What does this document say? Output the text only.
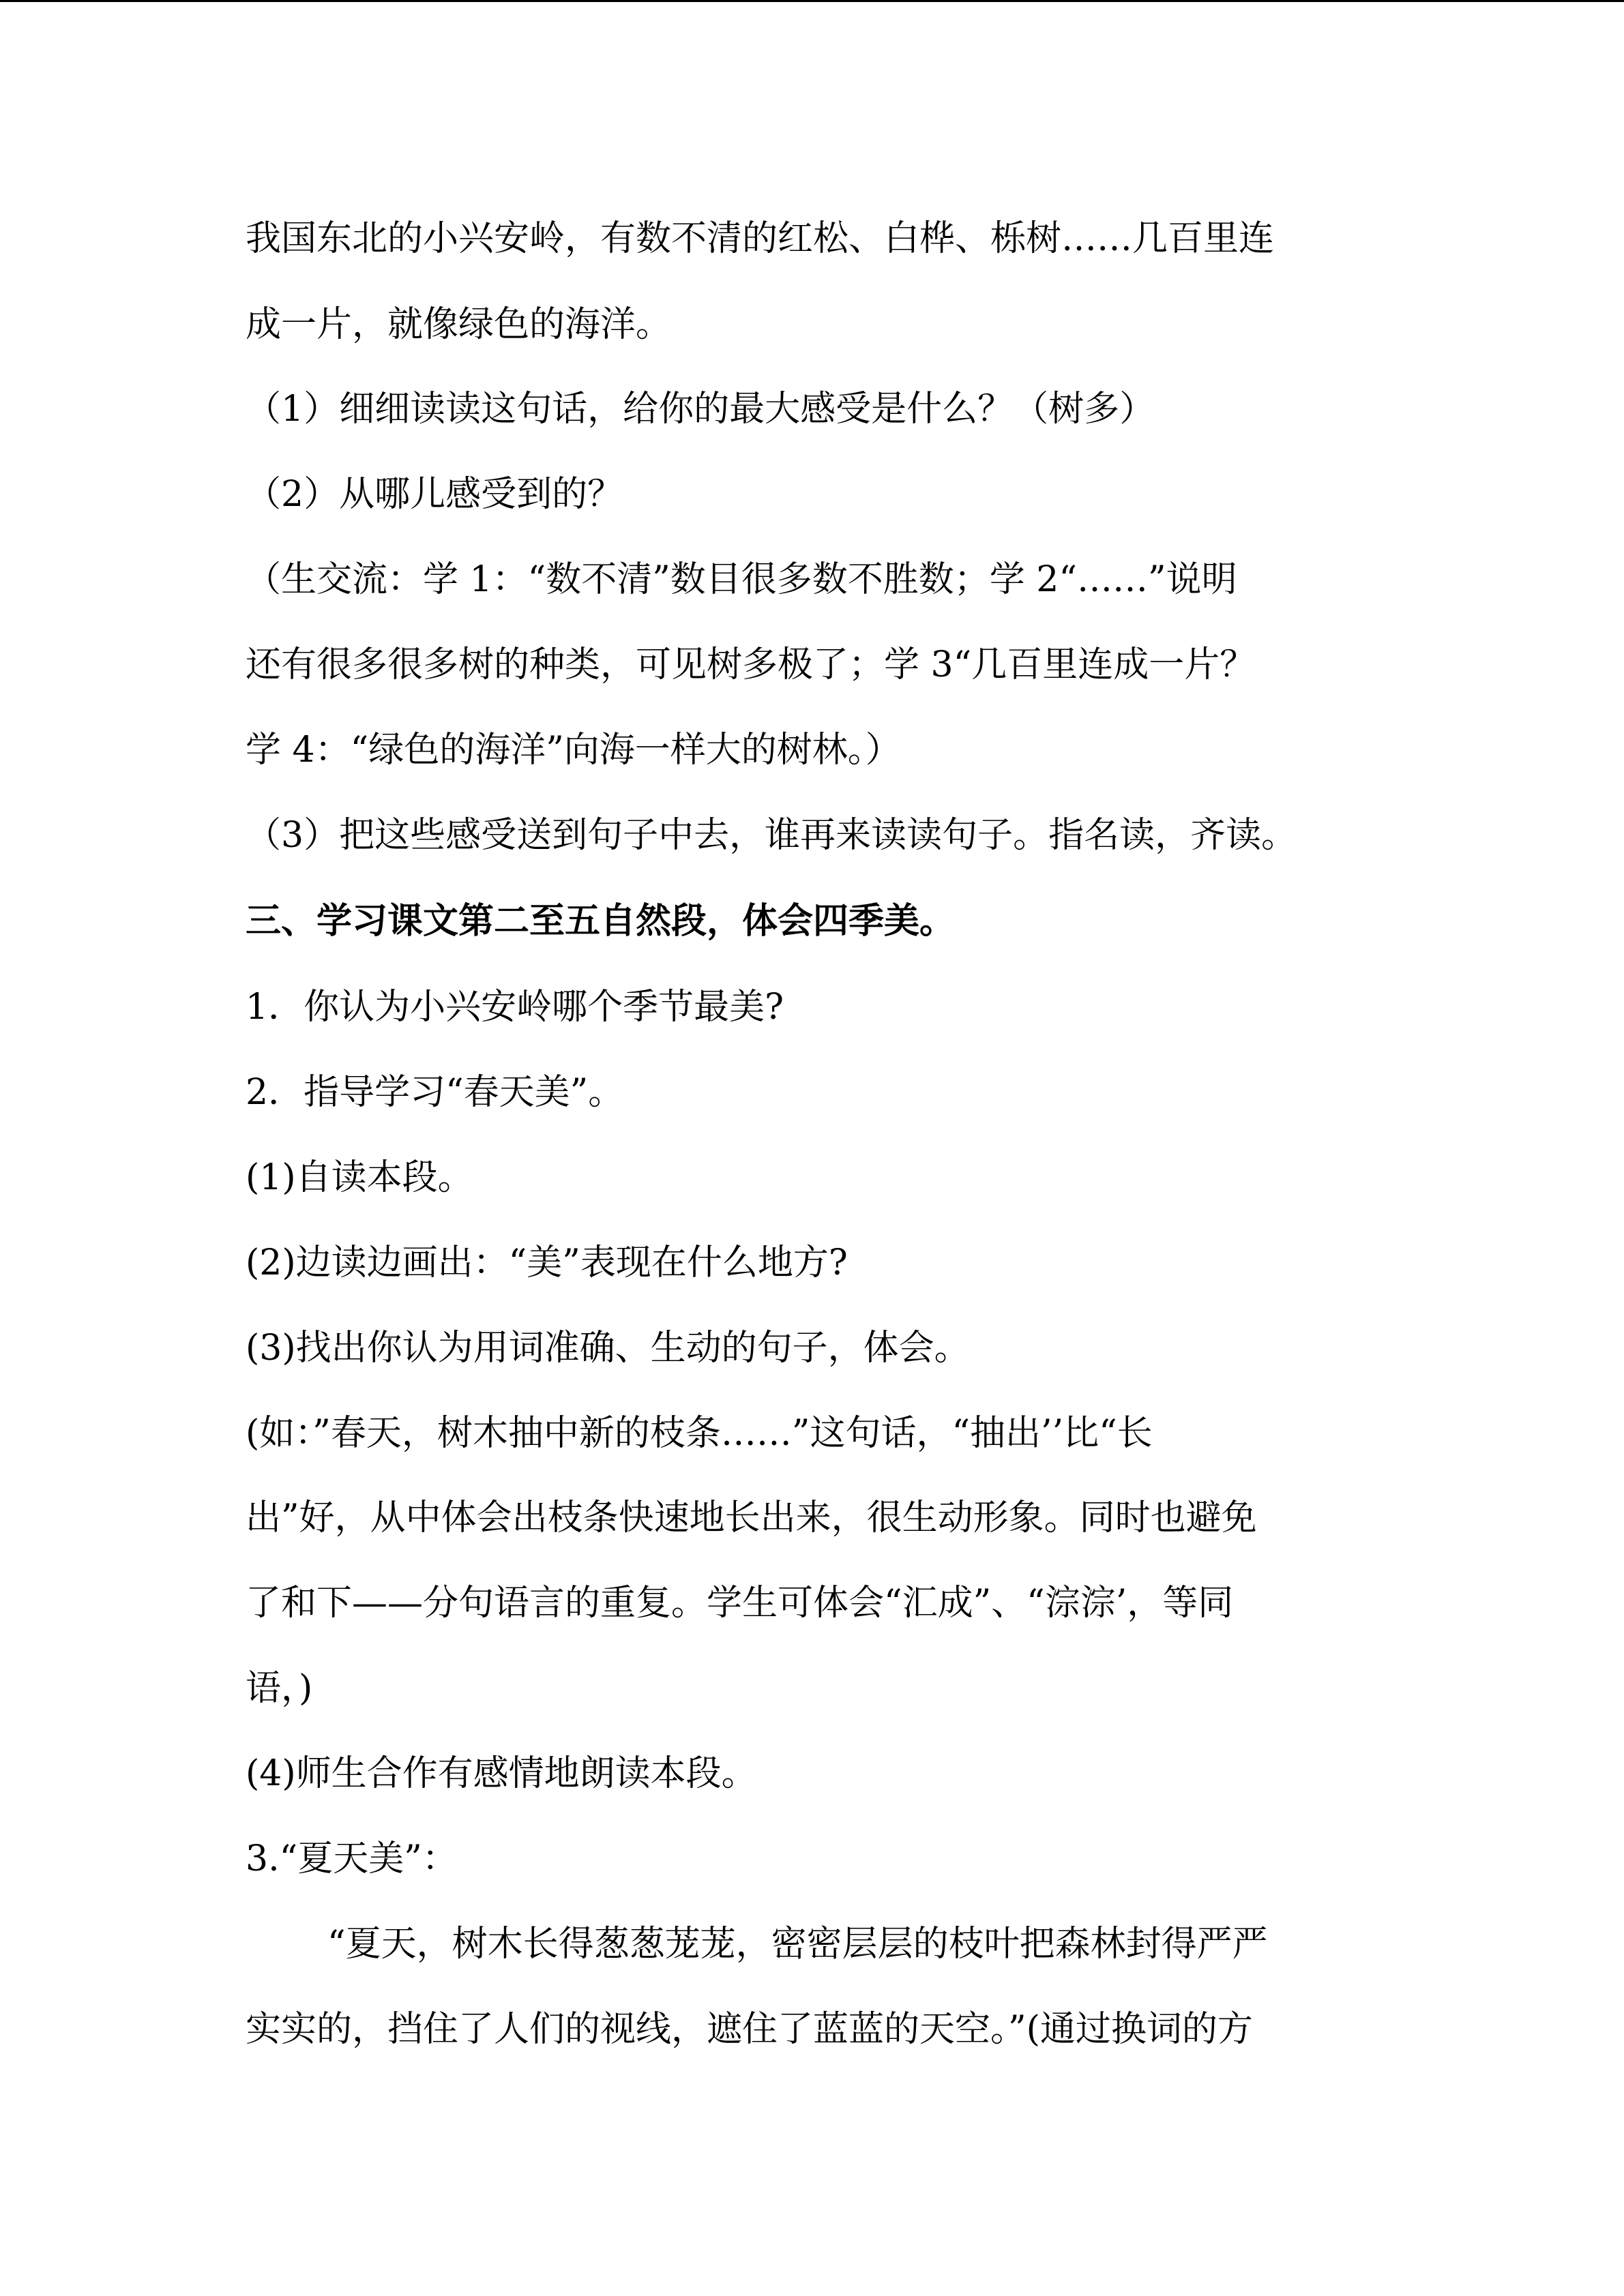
我国东北的小兴安岭，有数不清的红松、白桦、栎树……几百里连
成一片，就像绿色的海洋。
（1）细细读读这句话，给你的最大感受是什么？（树多）
（2）从哪儿感受到的？
（生交流：学 1：“数不清”数目很多数不胜数；学 2“……”说明
还有很多很多树的种类，可见树多极了；学 3“几百里连成一片？
学 4：“绿色的海洋”向海一样大的树林。）
（3）把这些感受送到句子中去，谁再来读读句子。指名读，齐读。
三、学习课文第二至五自然段，体会四季美。
1．你认为小兴安岭哪个季节最美?
2．指导学习“春天美”。
(1)自读本段。
(2)边读边画出：“美”表现在什么地方?
(3)找出你认为用词准确、生动的句子，体会。
(如：”春天，树木抽中新的枝条……”这句话，“抽出’’比“长
出”好，从中体会出枝条快速地长出来，很生动形象。同时也避免
了和下——分句语言的重复。学生可体会“汇成”、“淙淙’，等同
语，)
(4)师生合作有感情地朗读本段。
3.“夏天美”：
“夏天，树木长得葱葱茏茏，密密层层的枝叶把森林封得严严
实实的，挡住了人们的视线，遮住了蓝蓝的天空。”(通过换词的方
